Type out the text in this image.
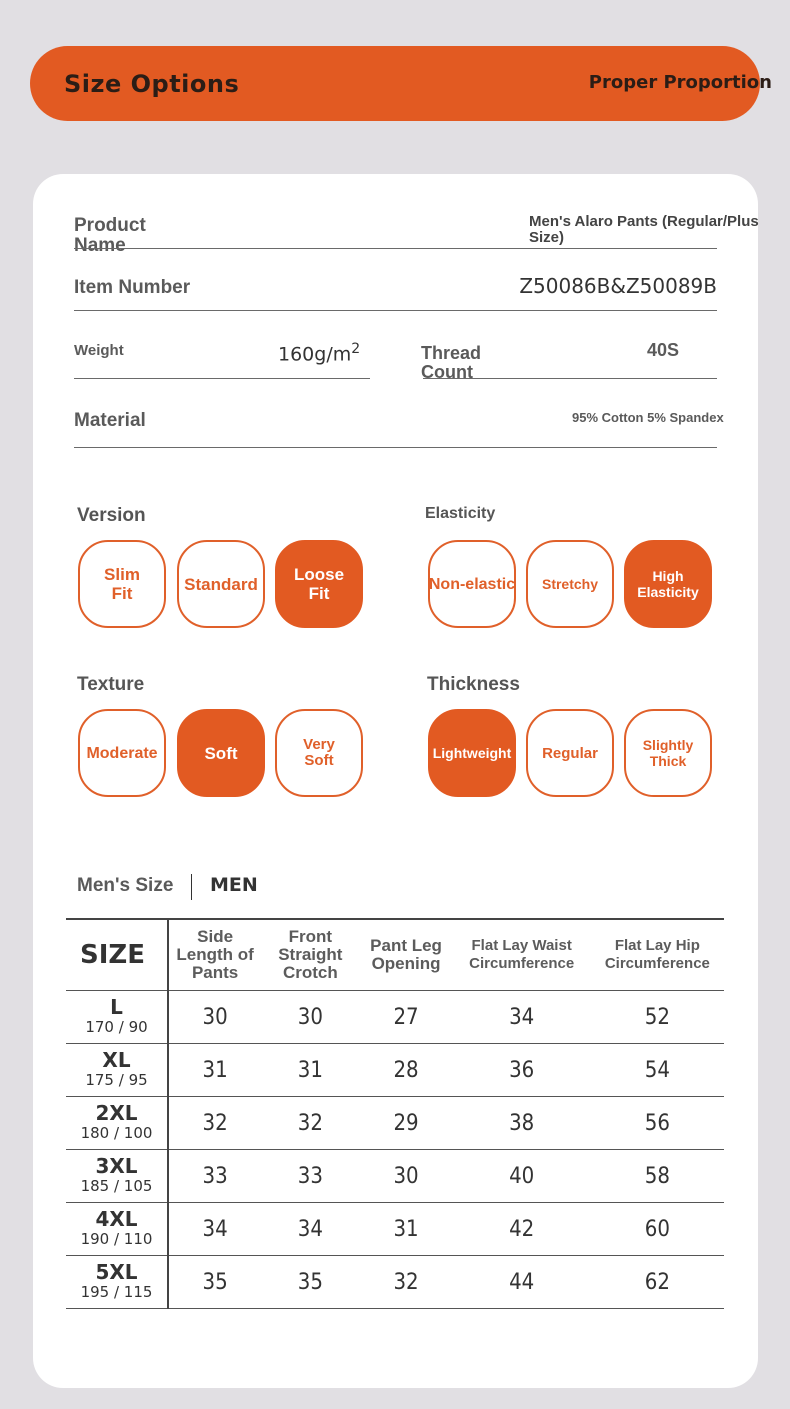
Size Options	Proper Proportion
Product Name
Men's Alaro Pants (Regular/Plus Size)
Item Number	Z50086B&Z50089B
Weight	$160g/m^2$	Thread Count
40S
Material	95% Cotton 5% Spandex
Version
Slim Fit	Standard Loose Fit
Elasticity
Non-elastic Stretchy	High Elasticity
Texture
Moderate	Soft	Very Soft
Thickness
Lightweight Regular	Slightly Thick
Men's Size MEN
SIZE	Side Length of Pants	Front Straight Crotch	Pant Leg Opening	Flat Lay Waist Circumference	Flat Lay Hip Circumference

L
170 / 90	30	30	27	34	52

XL
175 / 95	31	31	28	36	54

2XL
180 / 100	32	32	29	38	56

3XL
185 / 105	33	33	30	40	58

4XL
190 / 110	34	34	31	42	60

5XL
195 / 115	35	35	32	44	62
